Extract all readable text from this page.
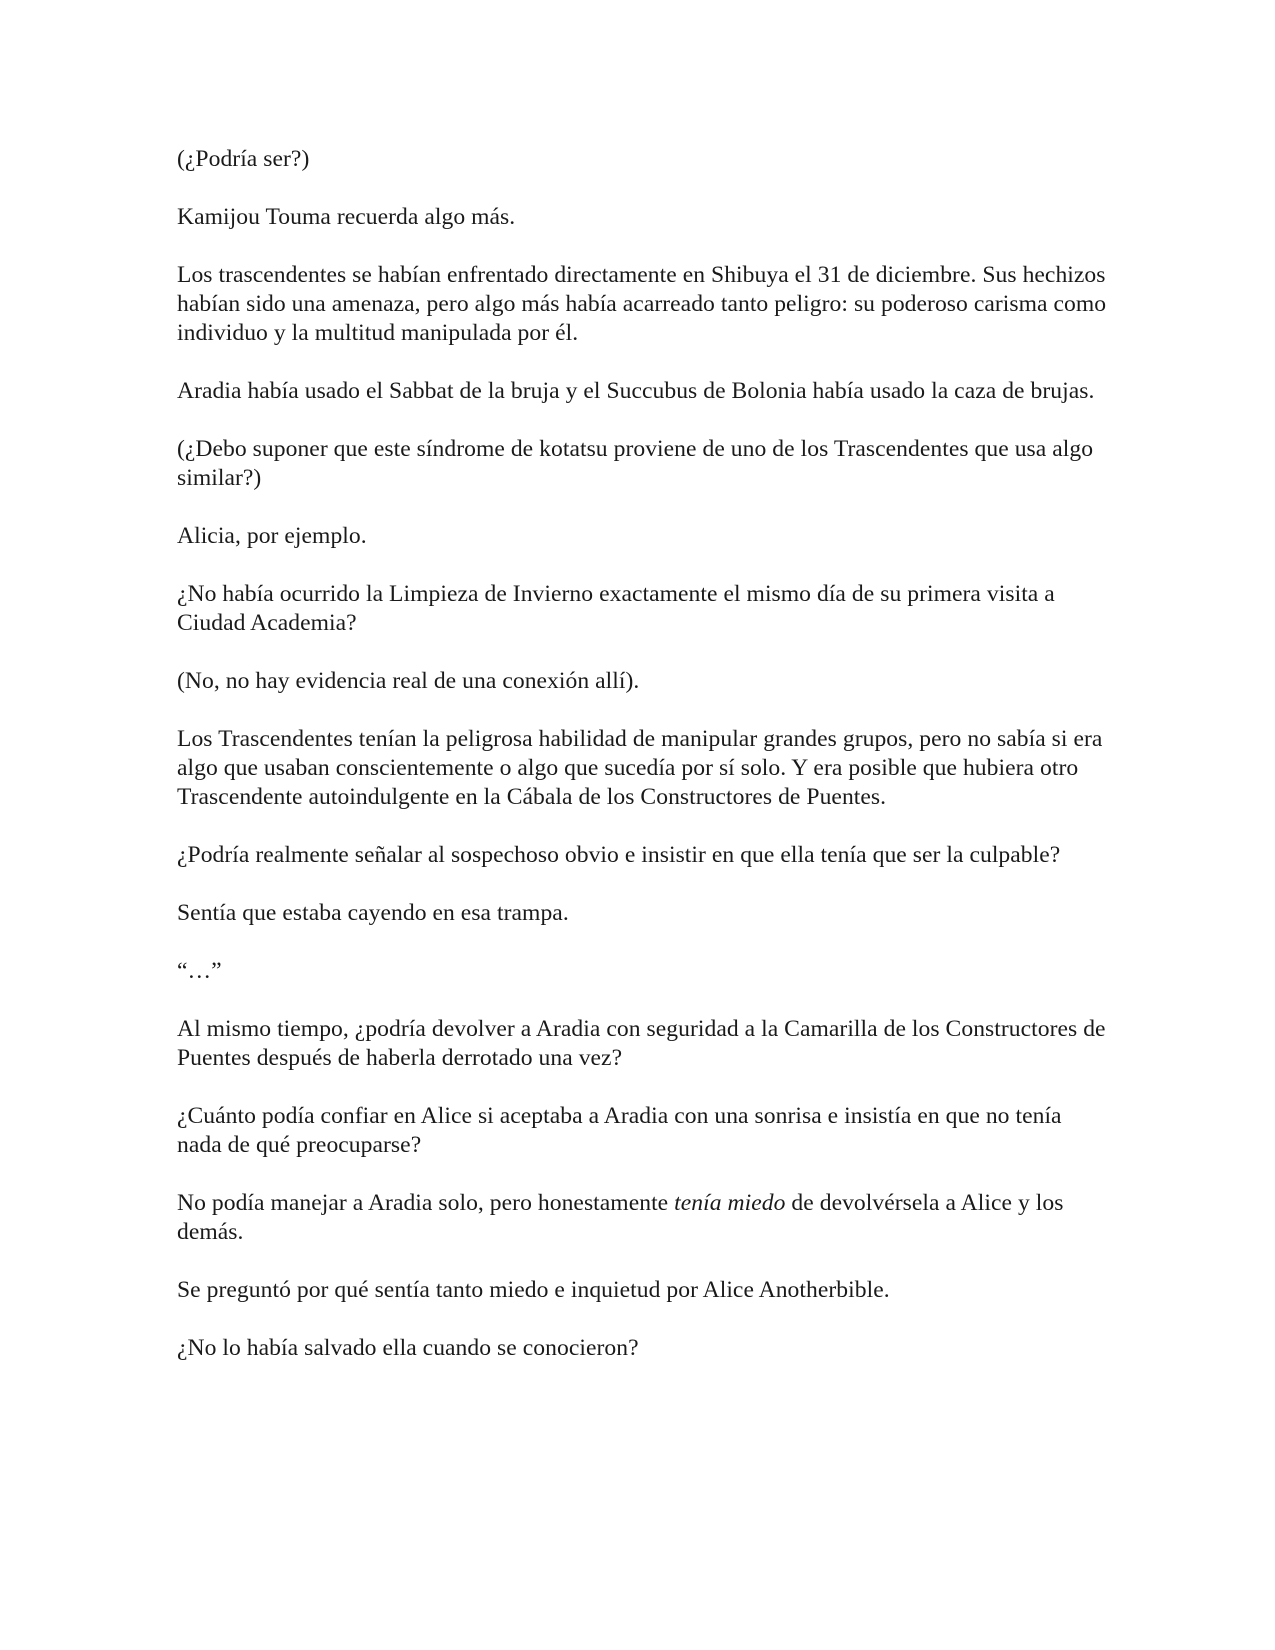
(¿Podría ser?)

Kamijou Touma recuerda algo más.

Los trascendentes se habían enfrentado directamente en Shibuya el 31 de diciembre. Sus hechizos habían sido una amenaza, pero algo más había acarreado tanto peligro: su poderoso carisma como individuo y la multitud manipulada por él.

Aradia había usado el Sabbat de la bruja y el Succubus de Bolonia había usado la caza de brujas.

(¿Debo suponer que este síndrome de kotatsu proviene de uno de los Trascendentes que usa algo similar?)

Alicia, por ejemplo.

¿No había ocurrido la Limpieza de Invierno exactamente el mismo día de su primera visita a Ciudad Academia?

(No, no hay evidencia real de una conexión allí).

Los Trascendentes tenían la peligrosa habilidad de manipular grandes grupos, pero no sabía si era algo que usaban conscientemente o algo que sucedía por sí solo. Y era posible que hubiera otro Trascendente autoindulgente en la Cábala de los Constructores de Puentes.

¿Podría realmente señalar al sospechoso obvio e insistir en que ella tenía que ser la culpable?

Sentía que estaba cayendo en esa trampa.

“…”

Al mismo tiempo, ¿podría devolver a Aradia con seguridad a la Camarilla de los Constructores de Puentes después de haberla derrotado una vez?

¿Cuánto podía confiar en Alice si aceptaba a Aradia con una sonrisa e insistía en que no tenía nada de qué preocuparse?

No podía manejar a Aradia solo, pero honestamente tenía miedo de devolvérsela a Alice y los demás.

Se preguntó por qué sentía tanto miedo e inquietud por Alice Anotherbible.

¿No lo había salvado ella cuando se conocieron?
